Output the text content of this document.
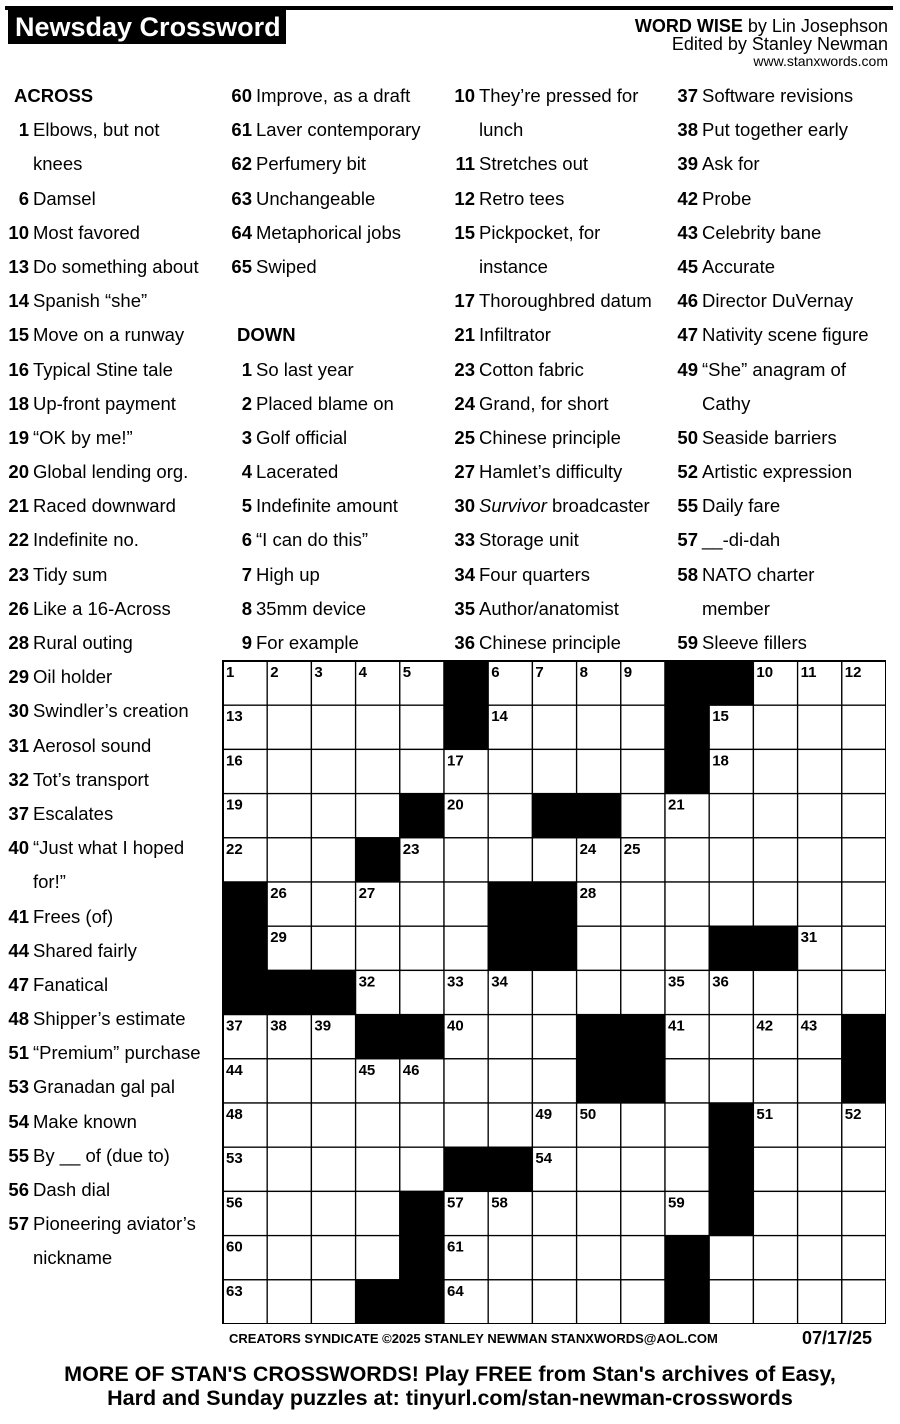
Newsday Crossword	WORD WISE by Lin Josephson
Edited by Stanley Newman
www.stanxwords.com
ACROSS
1 Elbows, but not
knees
6 Damsel
10 Most favored
13 Do something about
14 Spanish “she”
15 Move on a runway
16 Typical Stine tale
18 Up-front payment
19 “OK by me!”
20 Global lending org.
21 Raced downward
22 Indefinite no.
23 Tidy sum
26 Like a 16-Across
28 Rural outing
29 Oil holder
30 Swindler’s creation
31 Aerosol sound
32 Tot’s transport
37 Escalates
40 “Just what I hoped
for!”
41 Frees (of)
44 Shared fairly
47 Fanatical
48 Shipper’s estimate
51 “Premium” purchase
53 Granadan gal pal
54 Make known
55 By __ of (due to)
56 Dash dial
57 Pioneering aviator’s
nickname
60 Improve, as a draft
61 Laver contemporary
62 Perfumery bit
63 Unchangeable
64 Metaphorical jobs
65 Swiped
DOWN
1 So last year
2 Placed blame on
3 Golf official
4 Lacerated
5 Indefinite amount
6 “I can do this”
7 High up
8 35mm device
9 For example
10 They’re pressed for
lunch
11 Stretches out
12 Retro tees
15 Pickpocket, for
instance
17 Thoroughbred datum
21 Infiltrator
23 Cotton fabric
24 Grand, for short
25 Chinese principle
27 Hamlet’s difficulty
30 Survivor broadcaster
33 Storage unit
34 Four quarters
35 Author/anatomist
36 Chinese principle
37 Software revisions
38 Put together early
39 Ask for
42 Probe
43 Celebrity bane
45 Accurate
46 Director DuVernay
47 Nativity scene figure
49 “She” anagram of
Cathy
50 Seaside barriers
52 Artistic expression
55 Daily fare
57 __-di-dah
58 NATO charter
member
59 Sleeve fillers
1 2 3 4 5	6 7 8 9	10 11 12
13	14	15
16	17	18
19	20	21
22	23	24 25
26	27	28
29	31
32	33 34	35 36
37 38 39	40	41	42 43
44	45 46
48	49 50	51	52
53	54
56	57 58	59
60	61
63	64
CREATORS SYNDICATE ©2025 STANLEY NEWMAN STANXWORDS@AOL.COM	07/17/25
MORE OF STAN'S CROSSWORDS! Play FREE from Stan's archives of Easy,
Hard and Sunday puzzles at: tinyurl.com/stan-newman-crosswords
